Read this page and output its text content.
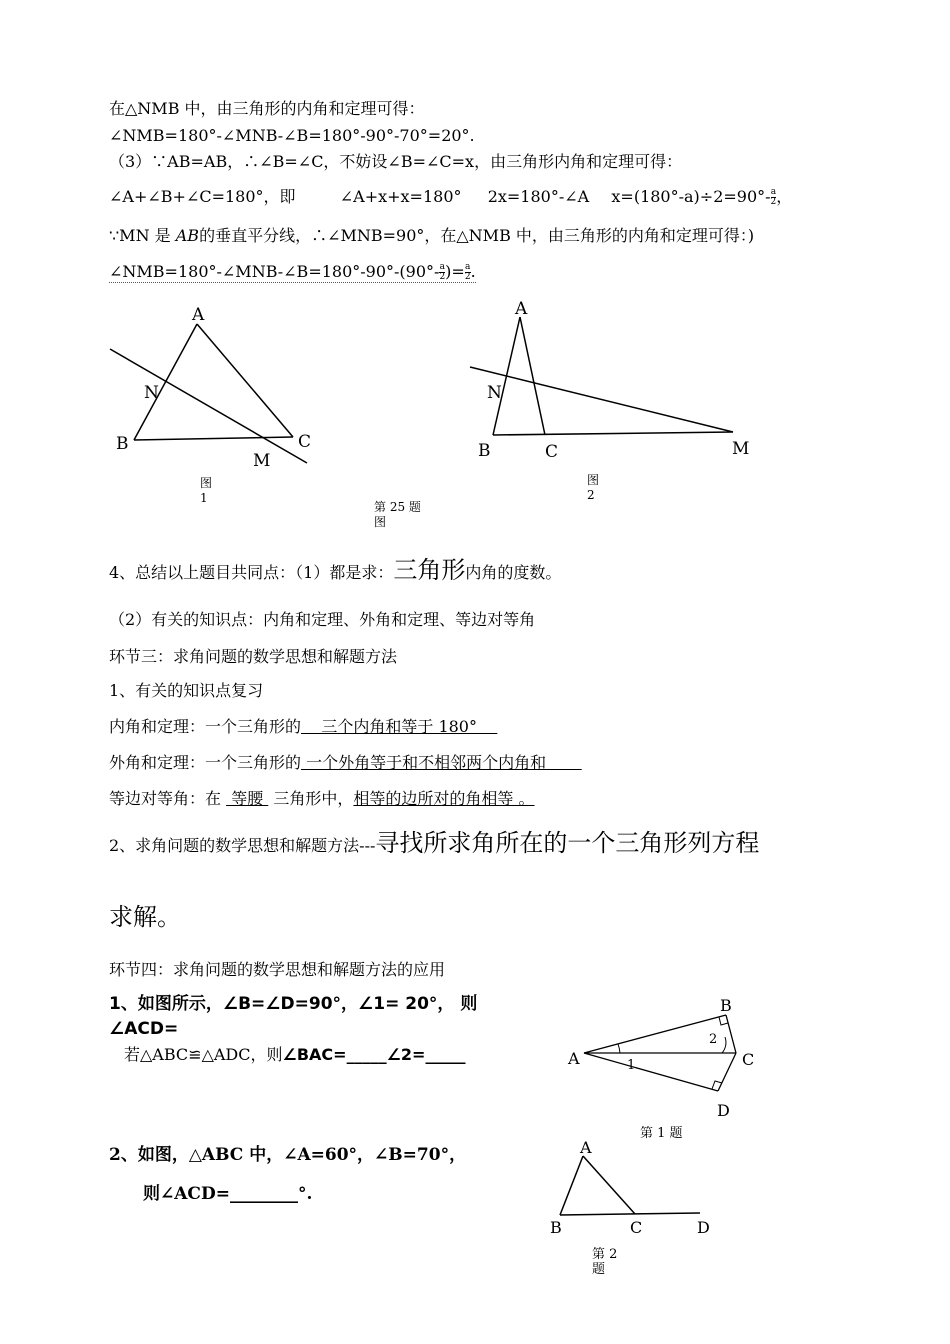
在△NMB 中，由三角形的内角和定理可得：
∠NMB=180°-∠MNB-∠B=180°-90°-70°=20°.
（3）∵AB=AB，∴∠B=∠C，不妨设∠B=∠C=x，由三角形内角和定理可得：
∠A+∠B+∠C=180°，即	∠A+x+x=180° 2x=180°-∠A $x=(180^\circ-a)\div 2=90^\circ- \frac{a}{2}$ ，
∵MN 是 AB的垂直平分线，∴∠MNB=90°，在△NMB 中，由三角形的内角和定理可得：)
∠NMB=180°-∠MNB-∠B=180°-90°-(90°- $\frac{a}{2}$ )= $\frac{a}{2}$ .
A
N
B	C
M
图
1
A
N
B	C	M
图
2
第 25 题
图
4、总结以上题目共同点：（1）都是求：三角形内角的度数。
（2）有关的知识点：内角和定理、外角和定理、等边对等角
环节三：求角问题的数学思想和解题方法
1、有关的知识点复习
内角和定理：一个三角形的    三个内角和等于 180°
外角和定理：一个三角形的 一个外角等于和不相邻两个内角和
等边对等角：在  等腰  三角形中，相等的边所对的角相等 。
2、求角问题的数学思想和解题方法---寻找所求角所在的一个三角形列方程
求解。
环节四：求角问题的数学思想和解题方法的应用
1、如图所示，∠B=∠D=90°，∠1= 20°， 则
∠ACD=
若△ABC≌△ADC，则∠BAC=_____∠2=_____	A
B
C
D
1
2
第 1 题
2、如图，△ABC 中，∠A=60°，∠B=70°，
则∠ACD=________°.
A
B	C	D
第 2
题
